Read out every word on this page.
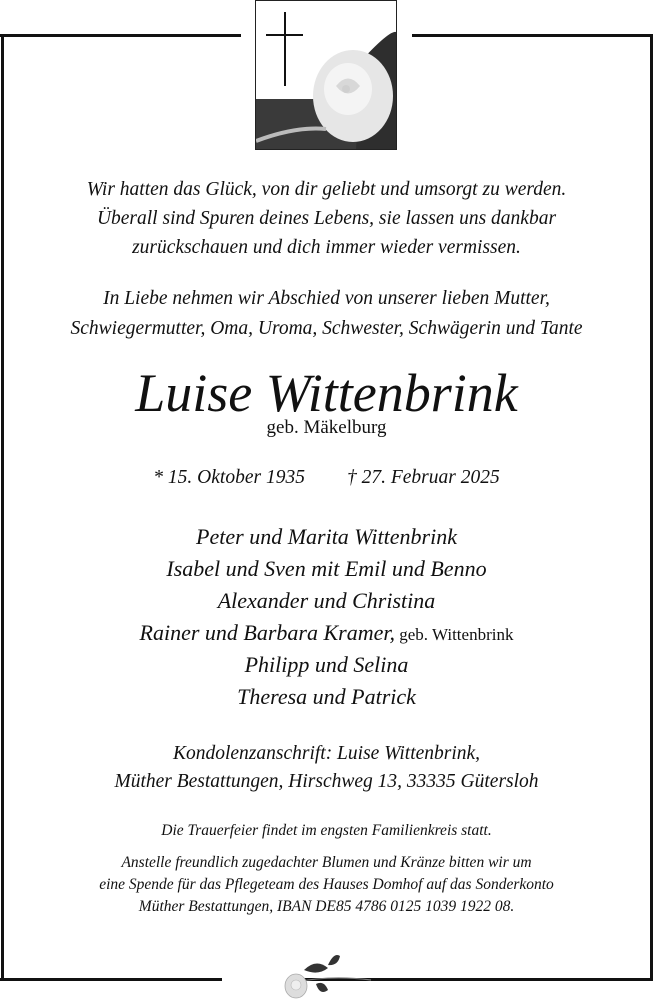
Wir hatten das Glück, von dir geliebt und umsorgt zu werden.
Überall sind Spuren deines Lebens, sie lassen uns dankbar
zurückschauen und dich immer wieder vermissen.
In Liebe nehmen wir Abschied von unserer lieben Mutter,
Schwiegermutter, Oma, Uroma, Schwester, Schwägerin und Tante
Luise Wittenbrink
geb. Mäkelburg
* 15. Oktober 1935 † 27. Februar 2025
Peter und Marita Wittenbrink
Isabel und Sven mit Emil und Benno
Alexander und Christina
Rainer und Barbara Kramer, geb. Wittenbrink
Philipp und Selina
Theresa und Patrick
Kondolenzanschrift: Luise Wittenbrink,
Müther Bestattungen, Hirschweg 13, 33335 Gütersloh
Die Trauerfeier findet im engsten Familienkreis statt.
Anstelle freundlich zugedachter Blumen und Kränze bitten wir um
eine Spende für das Pflegeteam des Hauses Domhof auf das Sonderkonto
Müther Bestattungen, IBAN DE85 4786 0125 1039 1922 08.
